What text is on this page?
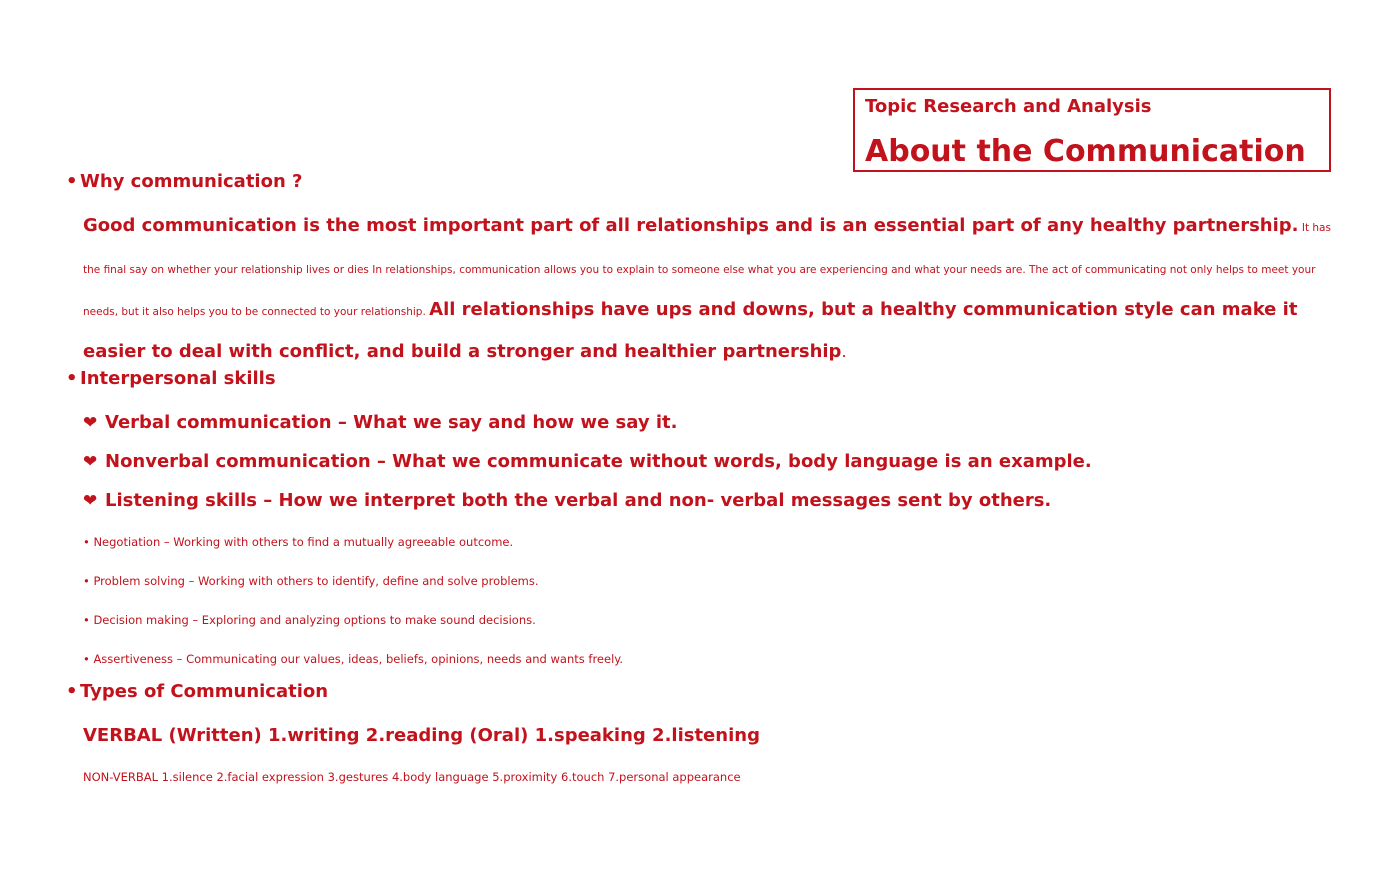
Topic Research and Analysis
About the Communication
• Why communication ?
Good communication is the most important part of all relationships and is an essential part of any healthy partnership. It has the final say on whether your relationship lives or dies In relationships, communication allows you to explain to someone else what you are experiencing and what your needs are. The act of communicating not only helps to meet your needs, but it also helps you to be connected to your relationship. All relationships have ups and downs, but a healthy communication style can make it easier to deal with conflict, and build a stronger and healthier partnership.
• Interpersonal skills
❤ Verbal communication – What we say and how we say it.
❤ Nonverbal communication – What we communicate without words, body language is an example.
❤ Listening skills – How we interpret both the verbal and non- verbal messages sent by others.
• Negotiation – Working with others to find a mutually agreeable outcome.
• Problem solving – Working with others to identify, define and solve problems.
• Decision making – Exploring and analyzing options to make sound decisions.
• Assertiveness – Communicating our values, ideas, beliefs, opinions, needs and wants freely.
• Types of Communication
VERBAL (Written) 1.writing 2.reading (Oral) 1.speaking 2.listening
NON-VERBAL 1.silence 2.facial expression 3.gestures 4.body language 5.proximity 6.touch 7.personal appearance
